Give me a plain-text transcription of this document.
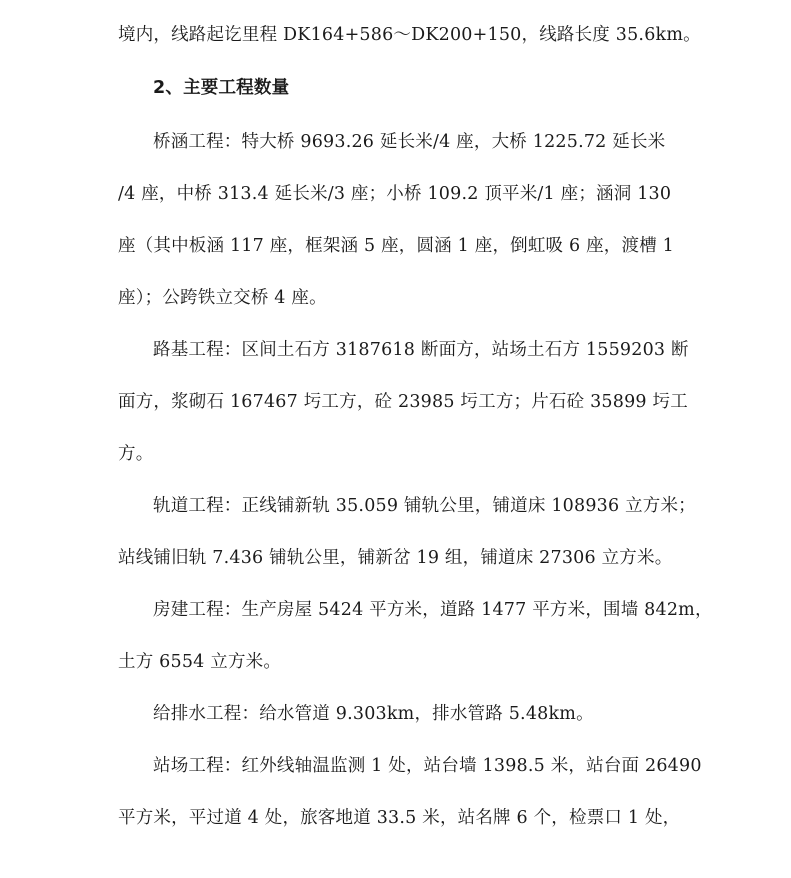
境内，线路起讫里程 DK164+586～DK200+150，线路长度 35.6km。
2、主要工程数量
桥涵工程：特大桥 9693.26 延长米/4 座，大桥 1225.72 延长米
/4 座，中桥 313.4 延长米/3 座；小桥 109.2 顶平米/1 座；涵洞 130
座（其中板涵 117 座，框架涵 5 座，圆涵 1 座，倒虹吸 6 座，渡槽 1
座）；公跨铁立交桥 4 座。
路基工程：区间土石方 3187618 断面方，站场土石方 1559203 断
面方，浆砌石 167467 圬工方，砼 23985 圬工方；片石砼 35899 圬工
方。
轨道工程：正线铺新轨 35.059 铺轨公里，铺道床 108936 立方米；
站线铺旧轨 7.436 铺轨公里，铺新岔 19 组，铺道床 27306 立方米。
房建工程：生产房屋 5424 平方米，道路 1477 平方米，围墙 842m，
土方 6554 立方米。
给排水工程：给水管道 9.303km，排水管路 5.48km。
站场工程：红外线轴温监测 1 处，站台墙 1398.5 米，站台面 26490
平方米，平过道 4 处，旅客地道 33.5 米，站名牌 6 个，检票口 1 处，
